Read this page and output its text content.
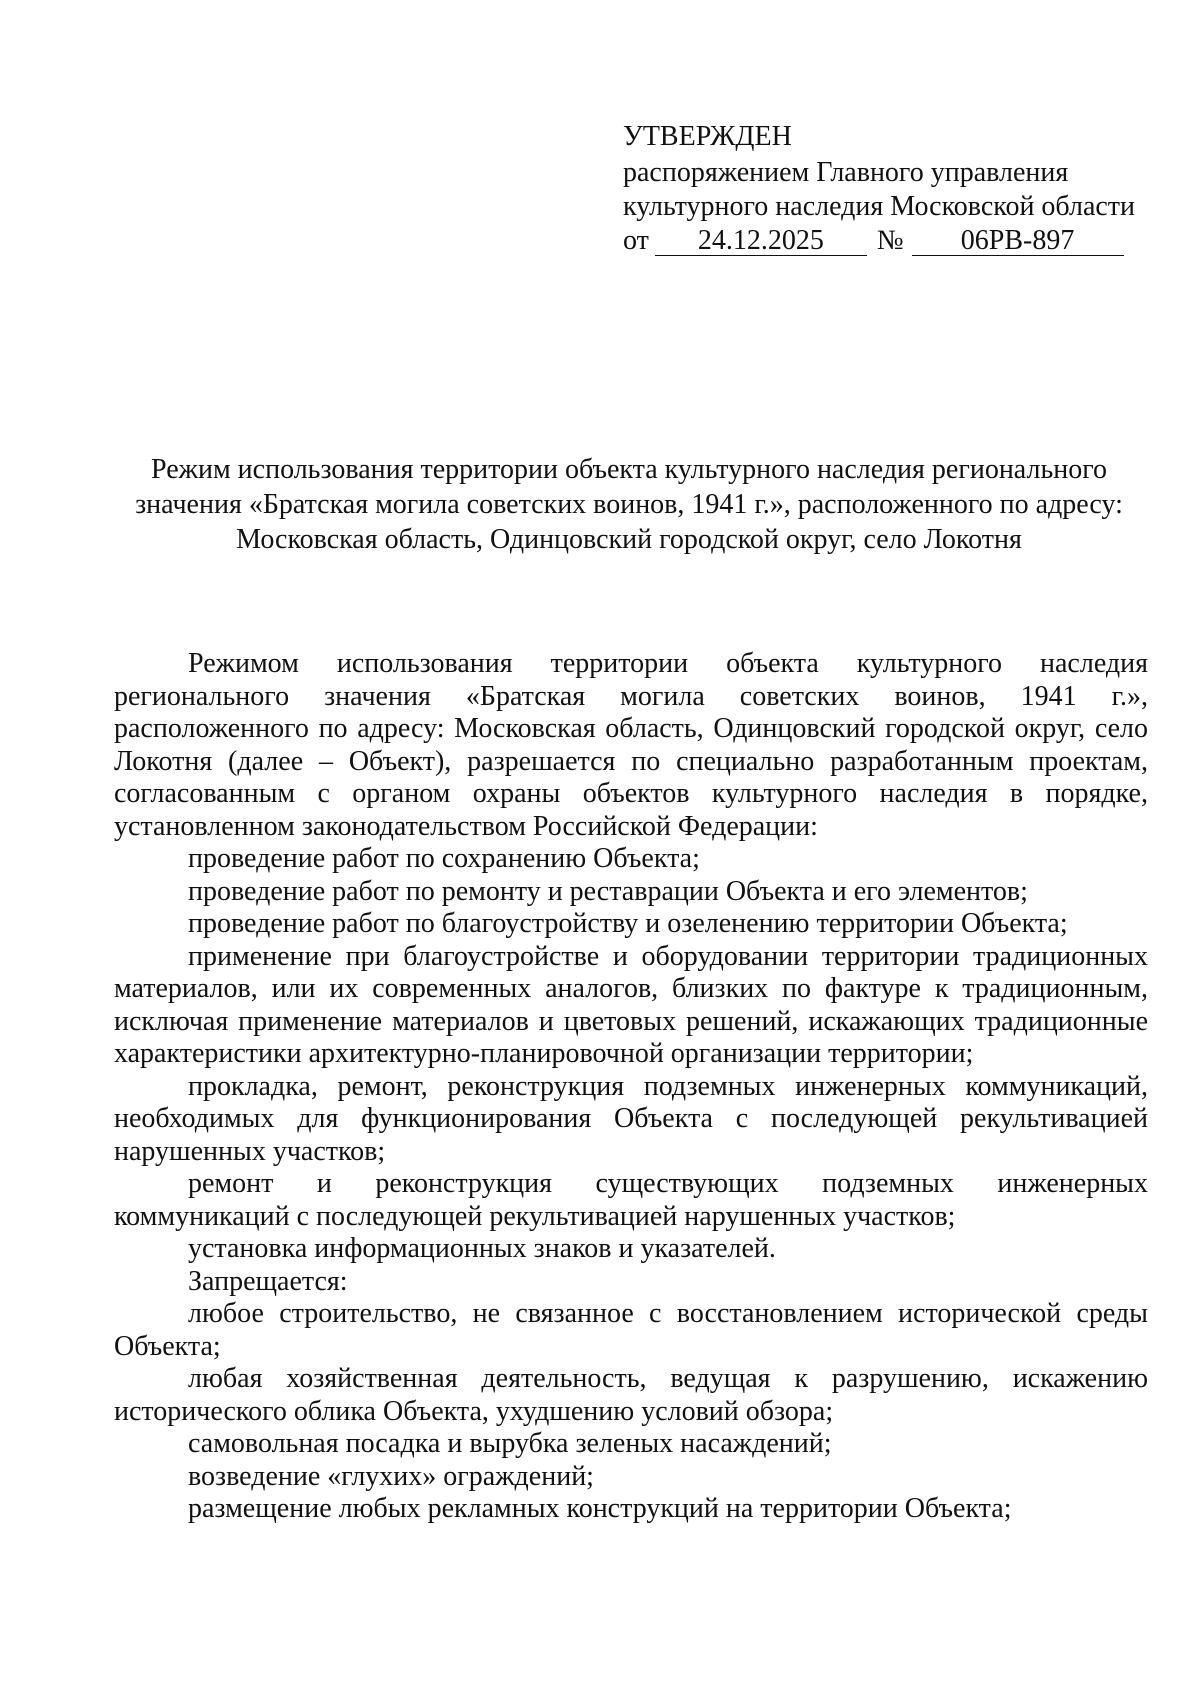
УТВЕРЖДЕН
распоряжением Главного управления
культурного наследия Московской области
от 24.12.2025 № 06РВ-897
Режим использования территории объекта культурного наследия регионального
значения «Братская могила советских воинов, 1941 г.», расположенного по адресу:
Московская область, Одинцовский городской округ, село Локотня

Режимом использования территории объекта культурного наследия регионального значения «Братская могила советских воинов, 1941 г.», расположенного по адресу: Московская область, Одинцовский городской округ, село Локотня (далее – Объект), разрешается по специально разработанным проектам, согласованным с органом охраны объектов культурного наследия в порядке, установленном законодательством Российской Федерации:

проведение работ по сохранению Объекта;

проведение работ по ремонту и реставрации Объекта и его элементов;

проведение работ по благоустройству и озеленению территории Объекта;

применение при благоустройстве и оборудовании территории традиционных материалов, или их современных аналогов, близких по фактуре к традиционным, исключая применение материалов и цветовых решений, искажающих традиционные характеристики архитектурно-планировочной организации территории;

прокладка, ремонт, реконструкция подземных инженерных коммуникаций, необходимых для функционирования Объекта с последующей рекультивацией нарушенных участков;

ремонт и реконструкция существующих подземных инженерных коммуникаций с последующей рекультивацией нарушенных участков;

установка информационных знаков и указателей.

Запрещается:

любое строительство, не связанное с восстановлением исторической среды Объекта;

любая хозяйственная деятельность, ведущая к разрушению, искажению исторического облика Объекта, ухудшению условий обзора;

самовольная посадка и вырубка зеленых насаждений;

возведение «глухих» ограждений;

размещение любых рекламных конструкций на территории Объекта;
